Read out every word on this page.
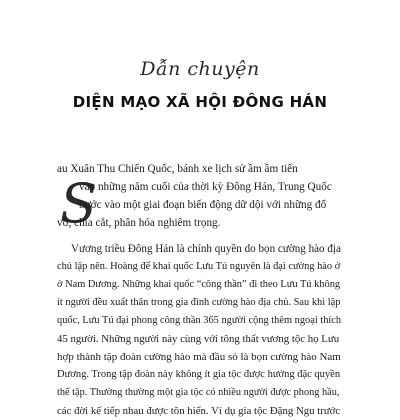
Dẫn chuyện
DIỆN MẠO XÃ HỘI ĐÔNG HÁN
S
au Xuân Thu Chiến Quốc, bánh xe lịch sử ầm ầm tiến
vào những năm cuối của thời kỳ Đông Hán, Trung Quốc
bước vào một giai đoạn biến động dữ dội với những đổ
vỡ, chia cắt, phân hóa nghiêm trọng.
Vương triều Đông Hán là chính quyền do bọn cường hào địa
chủ lập nên. Hoàng đế khai quốc Lưu Tú nguyên là đại cường hào ở
ở Nam Dương. Những khai quốc “công thần” đi theo Lưu Tú không
ít người đều xuất thân trong gia đình cường hào địa chủ. Sau khi lập
quốc, Lưu Tú đại phong công thần 365 người cộng thêm ngoại thích
45 người. Những người này cùng với tông thất vương tộc họ Lưu
hợp thành tập đoàn cường hào mà đầu sỏ là bọn cường hào Nam
Dương. Trong tập đoàn này không ít gia tộc được hưởng đặc quyền
thế tập. Thường thường một gia tộc có nhiều người được phong hầu,
các đời kế tiếp nhau được tôn hiển. Ví dụ gia tộc Đặng Ngu trước
